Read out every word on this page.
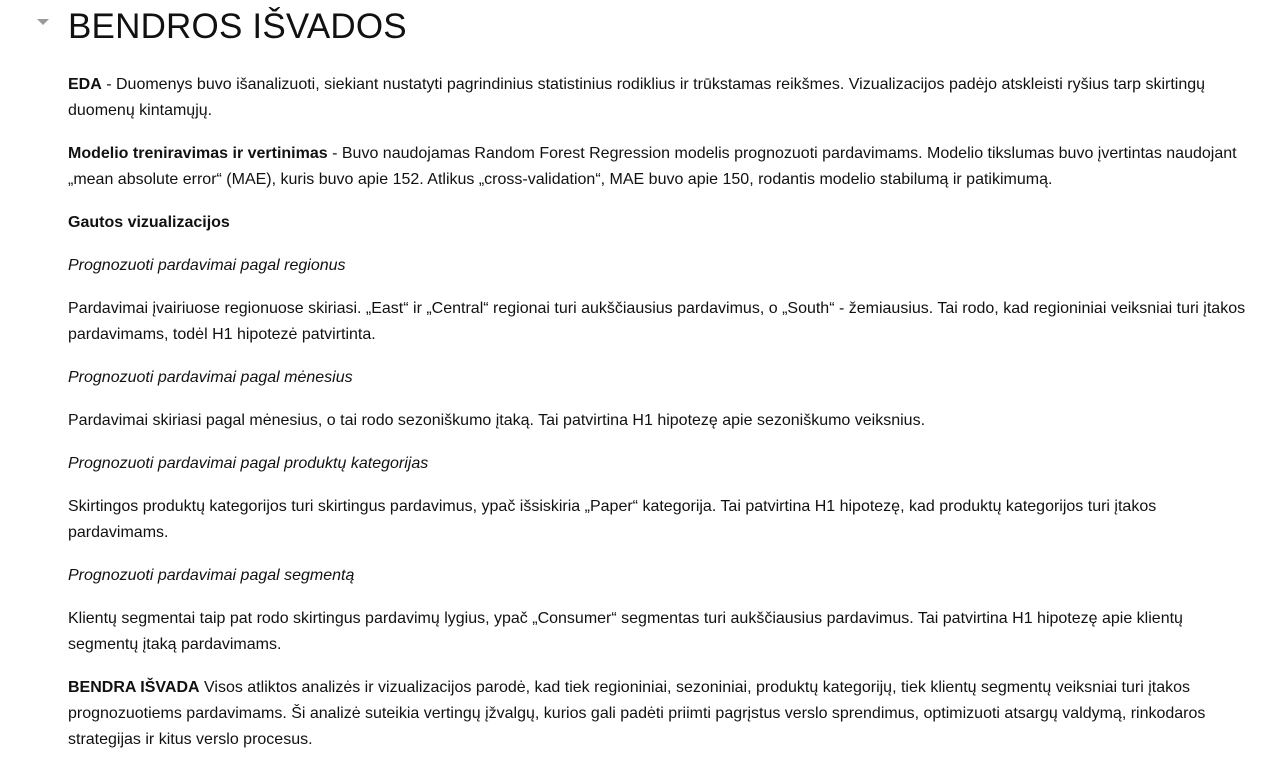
BENDROS IŠVADOS

EDA - Duomenys buvo išanalizuoti, siekiant nustatyti pagrindinius statistinius rodiklius ir trūkstamas reikšmes. Vizualizacijos padėjo atskleisti ryšius tarp skirtingų duomenų kintamųjų.

Modelio treniravimas ir vertinimas - Buvo naudojamas Random Forest Regression modelis prognozuoti pardavimams. Modelio tikslumas buvo įvertintas naudojant „mean absolute error“ (MAE), kuris buvo apie 152. Atlikus „cross-validation“, MAE buvo apie 150, rodantis modelio stabilumą ir patikimumą.

Gautos vizualizacijos

Prognozuoti pardavimai pagal regionus

Pardavimai įvairiuose regionuose skiriasi. „East“ ir „Central“ regionai turi aukščiausius pardavimus, o „South“ - žemiausius. Tai rodo, kad regioniniai veiksniai turi įtakos pardavimams, todėl H1 hipotezė patvirtinta.

Prognozuoti pardavimai pagal mėnesius

Pardavimai skiriasi pagal mėnesius, o tai rodo sezoniškumo įtaką. Tai patvirtina H1 hipotezę apie sezoniškumo veiksnius.

Prognozuoti pardavimai pagal produktų kategorijas

Skirtingos produktų kategorijos turi skirtingus pardavimus, ypač išsiskiria „Paper“ kategorija. Tai patvirtina H1 hipotezę, kad produktų kategorijos turi įtakos pardavimams.

Prognozuoti pardavimai pagal segmentą

Klientų segmentai taip pat rodo skirtingus pardavimų lygius, ypač „Consumer“ segmentas turi aukščiausius pardavimus. Tai patvirtina H1 hipotezę apie klientų segmentų įtaką pardavimams.

BENDRA IŠVADA Visos atliktos analizės ir vizualizacijos parodė, kad tiek regioniniai, sezoniniai, produktų kategorijų, tiek klientų segmentų veiksniai turi įtakos prognozuotiems pardavimams. Ši analizė suteikia vertingų įžvalgų, kurios gali padėti priimti pagrįstus verslo sprendimus, optimizuoti atsargų valdymą, rinkodaros strategijas ir kitus verslo procesus.
